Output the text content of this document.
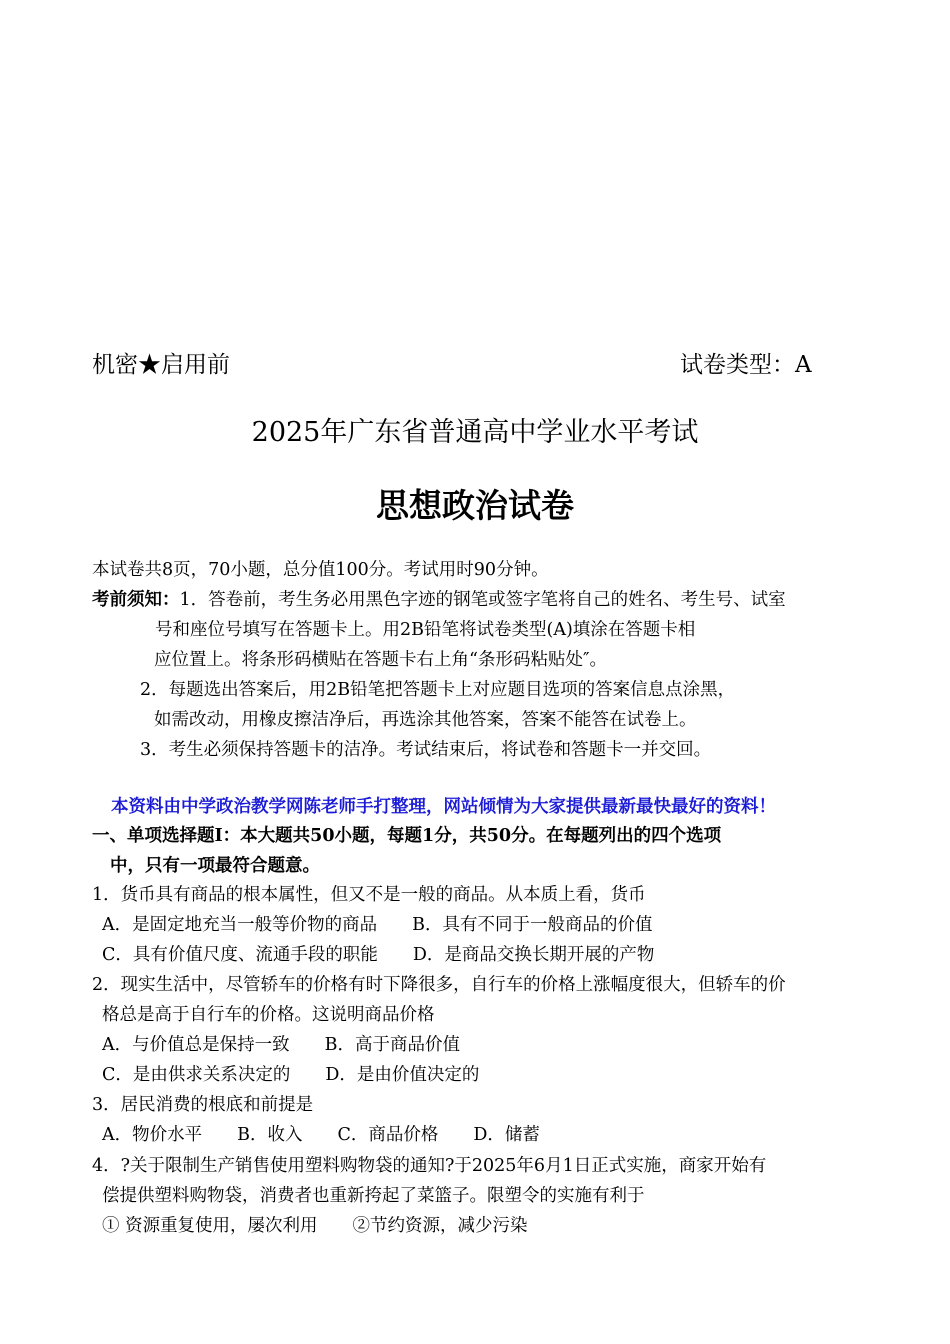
机密★启用前	试卷类型：A
2025年广东省普通高中学业水平考试
思想政治试卷
本试卷共8页，70小题，总分值100分。考试用时90分钟。
考前须知：1．答卷前，考生务必用黑色字迹的钢笔或签字笔将自己的姓名、考生号、试室
号和座位号填写在答题卡上。用2B铅笔将试卷类型(A)填涂在答题卡相
应位置上。将条形码横贴在答题卡右上角“条形码粘贴处″。
2．每题选出答案后，用2B铅笔把答题卡上对应题目选项的答案信息点涂黑，
如需改动，用橡皮擦洁净后，再选涂其他答案，答案不能答在试卷上。
3．考生必须保持答题卡的洁净。考试结束后，将试卷和答题卡一并交回。
本资料由中学政治教学网陈老师手打整理，网站倾情为大家提供最新最快最好的资料！
一、单项选择题Ⅰ：本大题共50小题，每题1分，共50分。在每题列出的四个选项
中，只有一项最符合题意。
1．货币具有商品的根本属性，但又不是一般的商品。从本质上看，货币
A．是固定地充当一般等价物的商品　　B．具有不同于一般商品的价值
C．具有价值尺度、流通手段的职能　　D．是商品交换长期开展的产物
2．现实生活中，尽管轿车的价格有时下降很多，自行车的价格上涨幅度很大，但轿车的价
格总是高于自行车的价格。这说明商品价格
A．与价值总是保持一致　　B．高于商品价值
C．是由供求关系决定的　　D．是由价值决定的
3．居民消费的根底和前提是
A．物价水平　　B．收入　　C．商品价格　　D．储蓄
4．?关于限制生产销售使用塑料购物袋的通知?于2025年6月1日正式实施，商家开始有
偿提供塑料购物袋，消费者也重新挎起了菜篮子。限塑令的实施有利于
① 资源重复使用，屡次利用　　②节约资源，减少污染
